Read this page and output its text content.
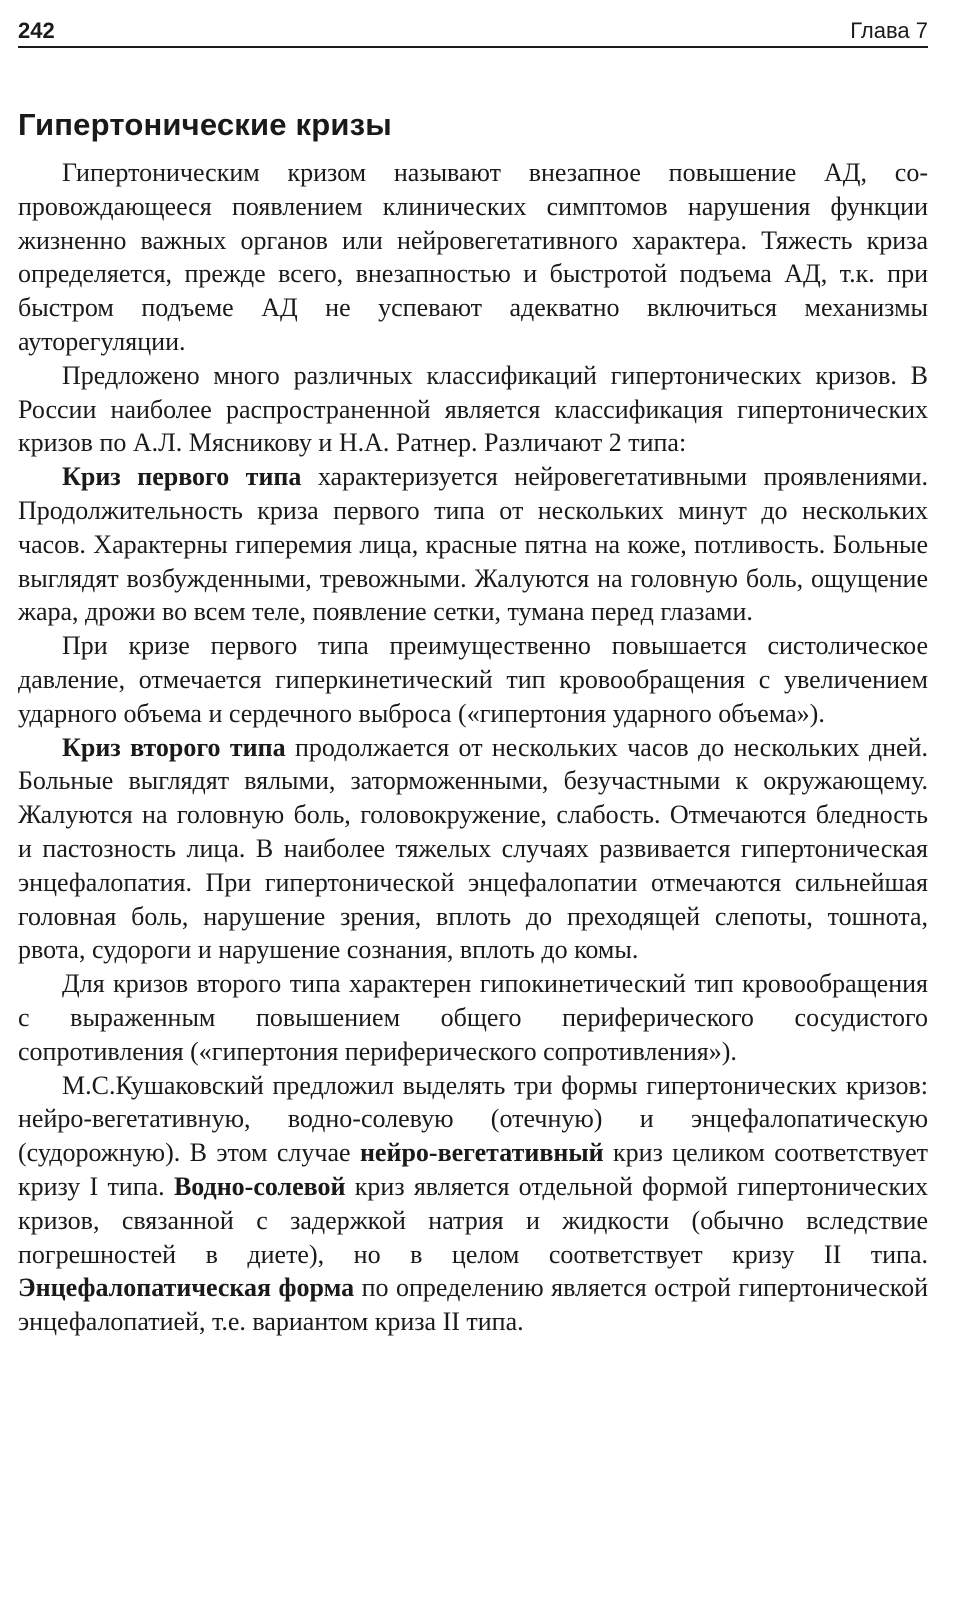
242	Глава 7
Гипертонические кризы

Гипертоническим кризом называют внезапное повышение АД, сопровождающееся появлением клинических симптомов нарушения функции жизненно важных органов или нейровегетативного характера. Тяжесть криза определяется, прежде всего, внезапностью и быстротой подъема АД, т.к. при быстром подъеме АД не успевают адекватно включиться механизмы ауторегуляции.

Предложено много различных классификаций гипертонических кризов. В России наиболее распространенной является классификация гипертонических кризов по А.Л. Мясникову и Н.А. Ратнер. Различают 2 типа:

Криз первого типа характеризуется нейровегетативными проявлениями. Продолжительность криза первого типа от нескольких минут до нескольких часов. Характерны гиперемия лица, красные пятна на коже, потливость. Больные выглядят возбужденными, тревожными. Жалуются на головную боль, ощущение жара, дрожи во всем теле, появление сетки, тумана перед глазами.

При кризе первого типа преимущественно повышается систолическое давление, отмечается гиперкинетический тип кровообращения с увеличением ударного объема и сердечного выброса («гипертония ударного объема»).

Криз второго типа продолжается от нескольких часов до нескольких дней. Больные выглядят вялыми, заторможенными, безучастными к окружающему. Жалуются на головную боль, головокружение, слабость. Отмечаются бледность и пастозность лица. В наиболее тяжелых случаях развивается гипертоническая энцефалопатия. При гипертонической энцефалопатии отмечаются сильнейшая головная боль, нарушение зрения, вплоть до преходящей слепоты, тошнота, рвота, судороги и нарушение сознания, вплоть до комы.

Для кризов второго типа характерен гипокинетический тип кровообращения с выраженным повышением общего периферического сосудистого сопротивления («гипертония периферического сопротивления»).

М.С.Кушаковский предложил выделять три формы гипертонических кризов: нейро-вегетативную, водно-солевую (отечную) и энцефалопатическую (судорожную). В этом случае нейро-вегетативный криз целиком соответствует кризу I типа. Водно-солевой криз является отдельной формой гипертонических кризов, связанной с задержкой натрия и жидкости (обычно вследствие погрешностей в диете), но в целом соответствует кризу II типа. Энцефалопатическая форма по определению является острой гипертонической энцефалопатией, т.е. вариантом криза II типа.
